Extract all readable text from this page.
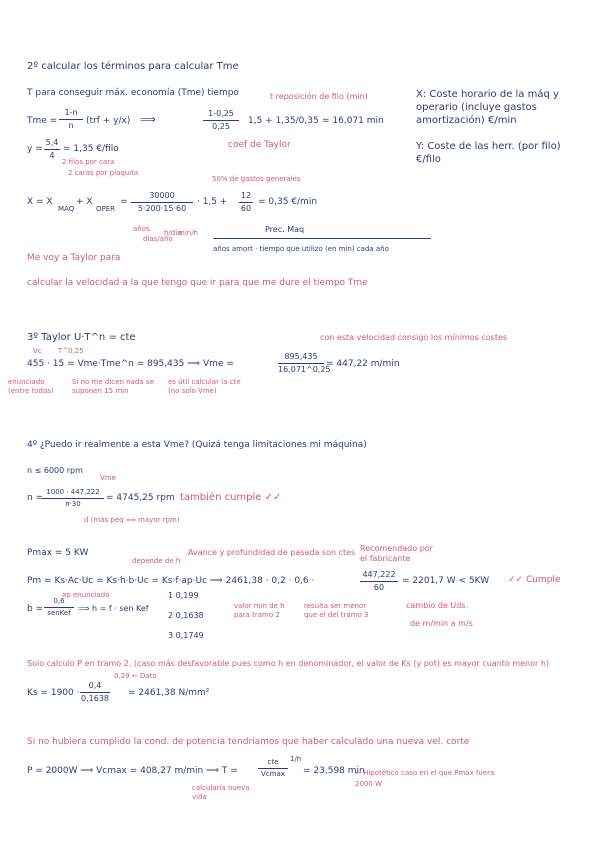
2º calcular los términos para calcular Tme
T para conseguir máx. economía (Tme) tiempo	t reposición de filo (min)
Tme =
1-n
n	(trf + y/x) ⟹	1-0,25
0,25
1,5 + 1,35/0,35 = 16,071 min
coef de Taylor
y =
5,4
4
= 1,35 €/filo
2 filos por cara
2 caras por plaquita
50% de gastos generales
X = X
MÁQ
+ X
OPER
=
30000
5·200·15·60
· 1,5 +
12
60
= 0,35 €/min
años
días/año
h/día
min/h	Prec. Maq
años amort · tiempo que utilizo (en min) cada año
X: Coste horario de la máq y operario (incluye gastos amortización) €/min
Y: Coste de las herr. (por filo) €/filo
Me voy a Taylor para
calcular la velocidad a la que tengo que ir para que me dure el tiempo Tme
con esta velocidad consigo los mínimos costes
3º Taylor U·T^n = cte
Vc T^0,25
455 · 15 = Vme·Tme^n = 895,435 ⟹ Vme =
895,435
16,071^0,25
= 447,22 m/min
enunciado (entre todas)
Si no me dicen nada se suponen 15 min
es útil calcular la cte (no solo Vme)
4º ¿Puedo ir realmente a esta Vme? (Quizá tenga limitaciones mi máquina)
n ≤ 6000 rpm
Vme
n =
1000 · 447,222
π·30
= 4745,25 rpm también cumple ✓✓
d (más peq ⟹ mayor rpm)
Pmax = 5 KW
depende de h
Avance y profundidad de pasada son ctes Recomendado por el fabricante
Pm = Ks·Ac·Uc = Ks·h·b·Uc = Ks·f·ap·Uc ⟹ 2461,38 · 0,2 · 0,6 ·
447,222
60
= 2201,7 W < 5KW ✓✓ Cumple
ap enunciado
b =
0,6
senKef ⟹ h = f · sen Kef
1 0,199
2 0,1638
3 0,1749
valor min de h para tramo 2
resulta ser menor que el del tramo 3
cambio de Uds.
de m/min a m/s
Solo calculo P en tramo 2. (caso más desfavorable pues como h en denominador, el valor de Ks (y pot) es mayor cuanto menor h)
Ks = 1900 ·
0,4
0,1638
0,29 ← Dato
= 2461,38 N/mm²
Si no hubiera cumplido la cond. de potencia tendríamos que haber calculado una nueva vel. corte
P = 2000W ⟹ Vcmax = 408,27 m/min ⟹ T =
cte
Vcmax
1/n
= 23,598 min
← Hipotético caso en el que Pmax fuera 2000 W
calcularía nueva vida
